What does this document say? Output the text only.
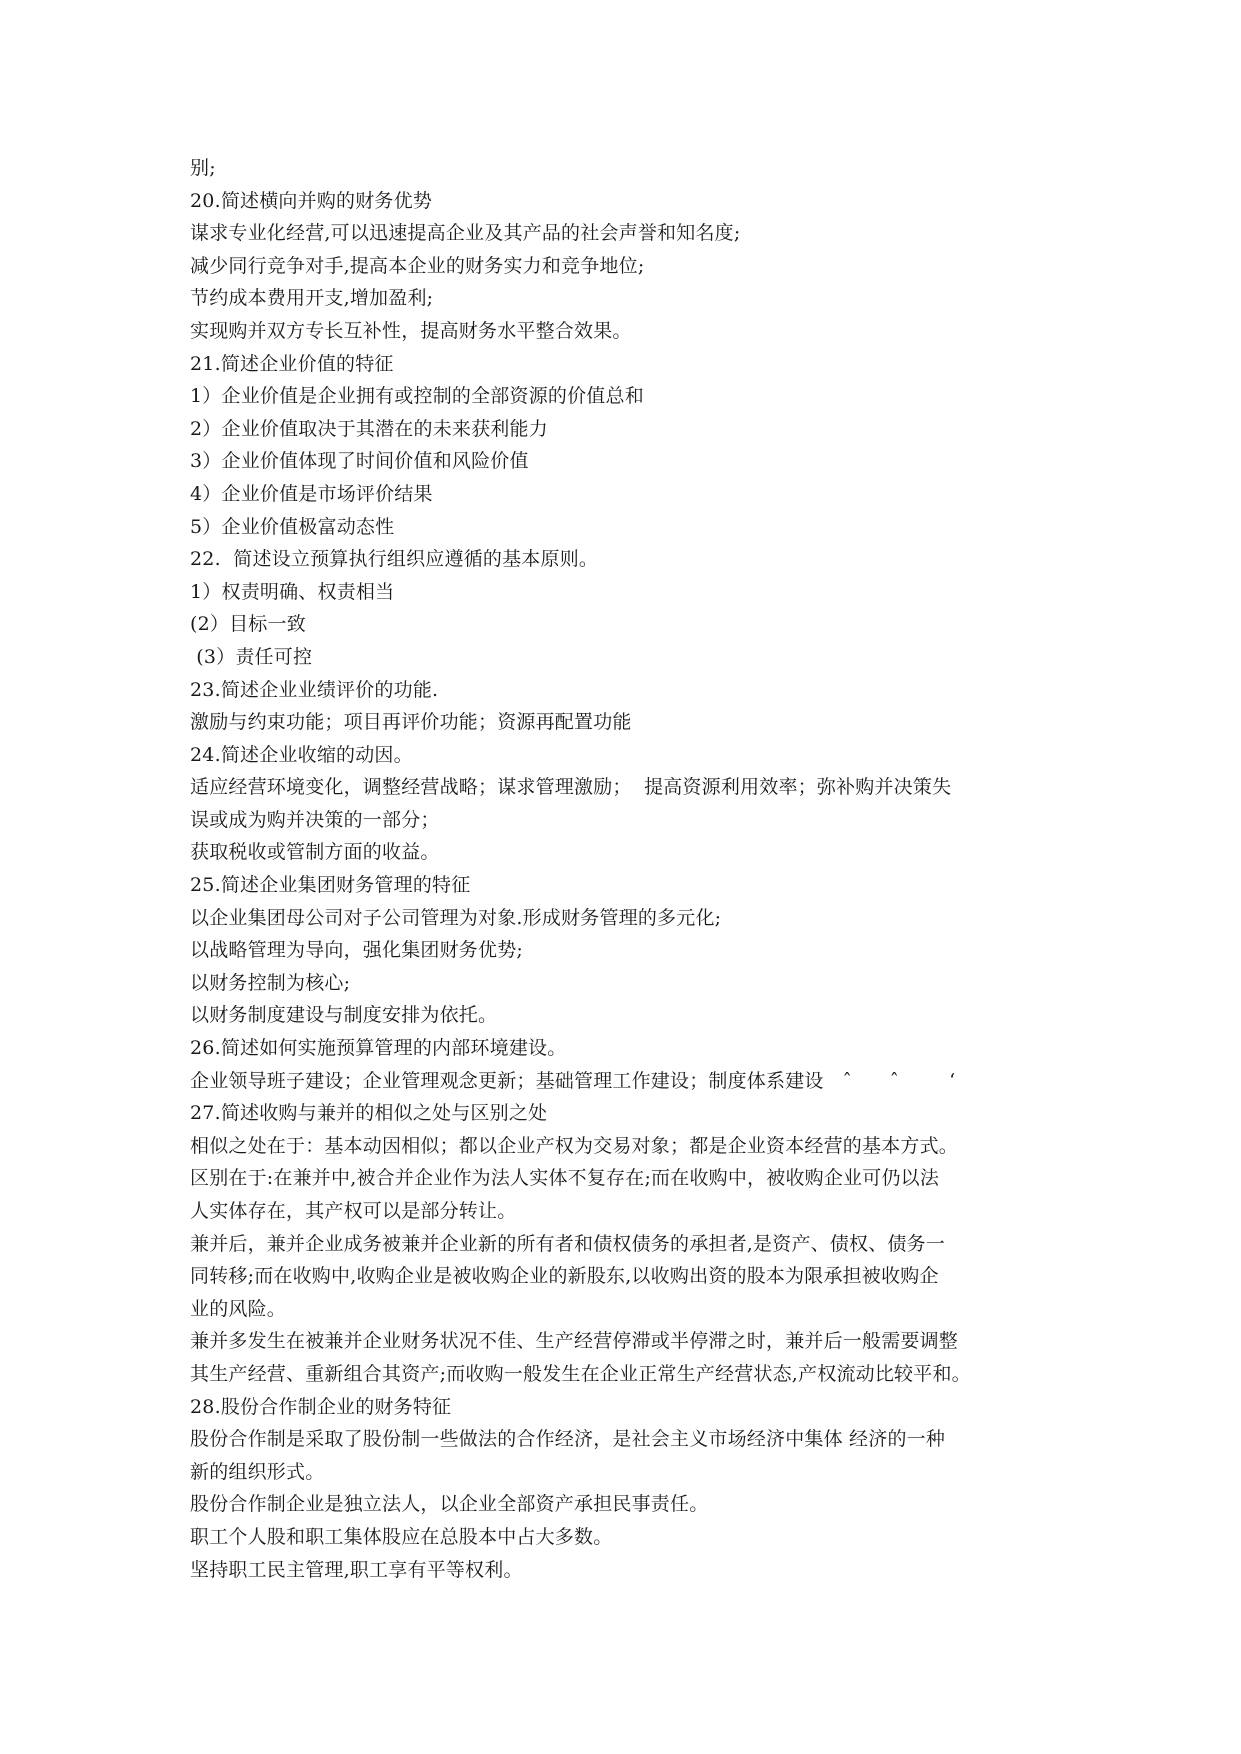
别;

20.简述横向并购的财务优势

谋求专业化经营,可以迅速提高企业及其产品的社会声誉和知名度;

减少同行竞争对手,提高本企业的财务实力和竞争地位;

节约成本费用开支,增加盈利;

实现购并双方专长互补性，提高财务水平整合效果。

21.简述企业价值的特征

1）企业价值是企业拥有或控制的全部资源的价值总和

2）企业价值取决于其潜在的未来获利能力

3）企业价值体现了时间价值和风险价值

4）企业价值是市场评价结果

5）企业价值极富动态性

22.  简述设立预算执行组织应遵循的基本原则。

1）权责明确、权责相当

(2）目标一致

(3）责任可控

23.简述企业业绩评价的功能.

激励与约束功能；项目再评价功能；资源再配置功能

24.简述企业收缩的动因。

适应经营环境变化，调整经营战略；谋求管理激励；  提高资源利用效率；弥补购并决策失

误或成为购并决策的一部分；

获取税收或管制方面的收益。

25.简述企业集团财务管理的特征

以企业集团母公司对子公司管理为对象.形成财务管理的多元化;

以战略管理为导向，强化集团财务优势;

以财务控制为核心;

以财务制度建设与制度安排为依托。

26.简述如何实施预算管理的内部环境建设。

企业领导班子建设；企业管理观念更新；基础管理工作建设；制度体系建设   ˆ      ˆ        ‘

27.简述收购与兼并的相似之处与区别之处

相似之处在于：基本动因相似；都以企业产权为交易对象；都是企业资本经营的基本方式。

区别在于:在兼并中,被合并企业作为法人实体不复存在;而在收购中，被收购企业可仍以法

人实体存在，其产权可以是部分转让。

兼并后，兼并企业成务被兼并企业新的所有者和债权债务的承担者,是资产、债权、债务一

同转移;而在收购中,收购企业是被收购企业的新股东,以收购出资的股本为限承担被收购企

业的风险。

兼并多发生在被兼并企业财务状况不佳、生产经营停滞或半停滞之时，兼并后一般需要调整

其生产经营、重新组合其资产;而收购一般发生在企业正常生产经营状态,产权流动比较平和。

28.股份合作制企业的财务特征

股份合作制是采取了股份制一些做法的合作经济，是社会主义市场经济中集体 经济的一种

新的组织形式。

股份合作制企业是独立法人，以企业全部资产承担民事责任。

职工个人股和职工集体股应在总股本中占大多数。

坚持职工民主管理,职工享有平等权利。
